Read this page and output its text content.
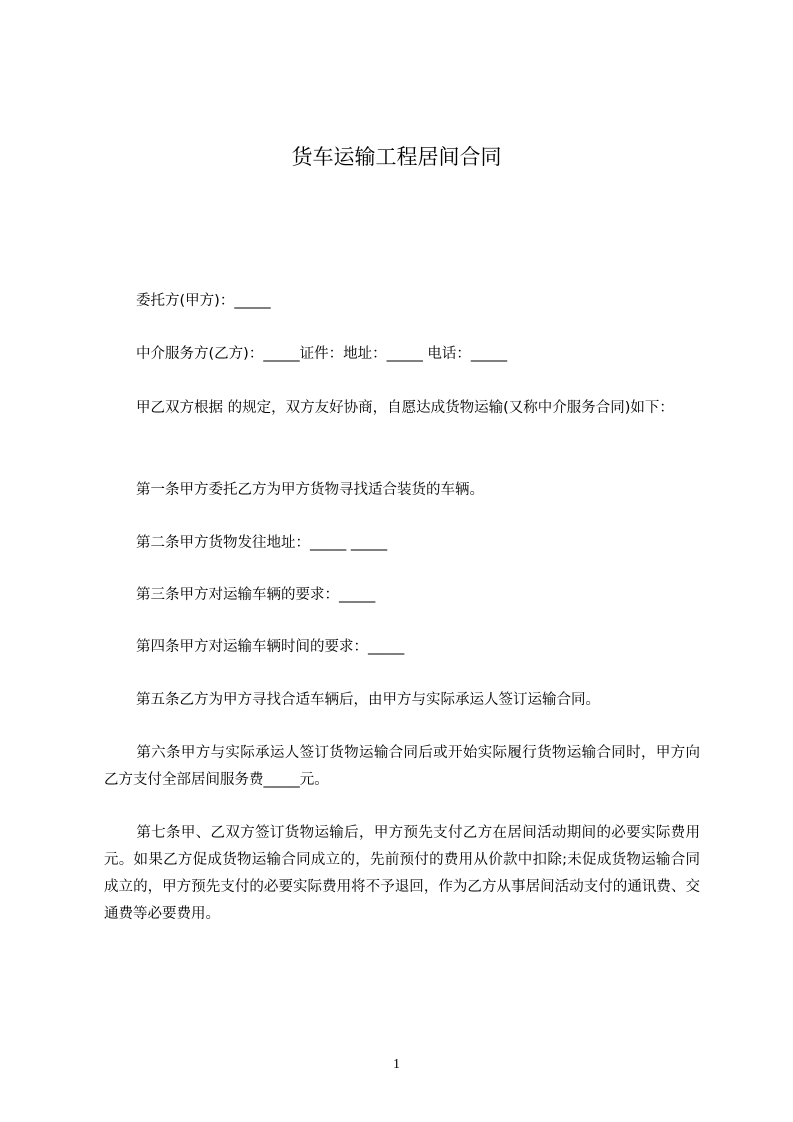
货车运输工程居间合同

委托方(甲方)：_____

中介服务方(乙方)：_____证件：地址：_____ 电话：_____

甲乙双方根据 的规定，双方友好协商，自愿达成货物运输(又称中介服务合同)如下：

第一条甲方委托乙方为甲方货物寻找适合装货的车辆。

第二条甲方货物发往地址：_____ _____

第三条甲方对运输车辆的要求：_____

第四条甲方对运输车辆时间的要求：_____

第五条乙方为甲方寻找合适车辆后，由甲方与实际承运人签订运输合同。

第六条甲方与实际承运人签订货物运输合同后或开始实际履行货物运输合同时，甲方向乙方支付全部居间服务费_____元。

第七条甲、乙双方签订货物运输后，甲方预先支付乙方在居间活动期间的必要实际费用元。如果乙方促成货物运输合同成立的，先前预付的费用从价款中扣除;未促成货物运输合同成立的，甲方预先支付的必要实际费用将不予退回，作为乙方从事居间活动支付的通讯费、交通费等必要费用。

1
